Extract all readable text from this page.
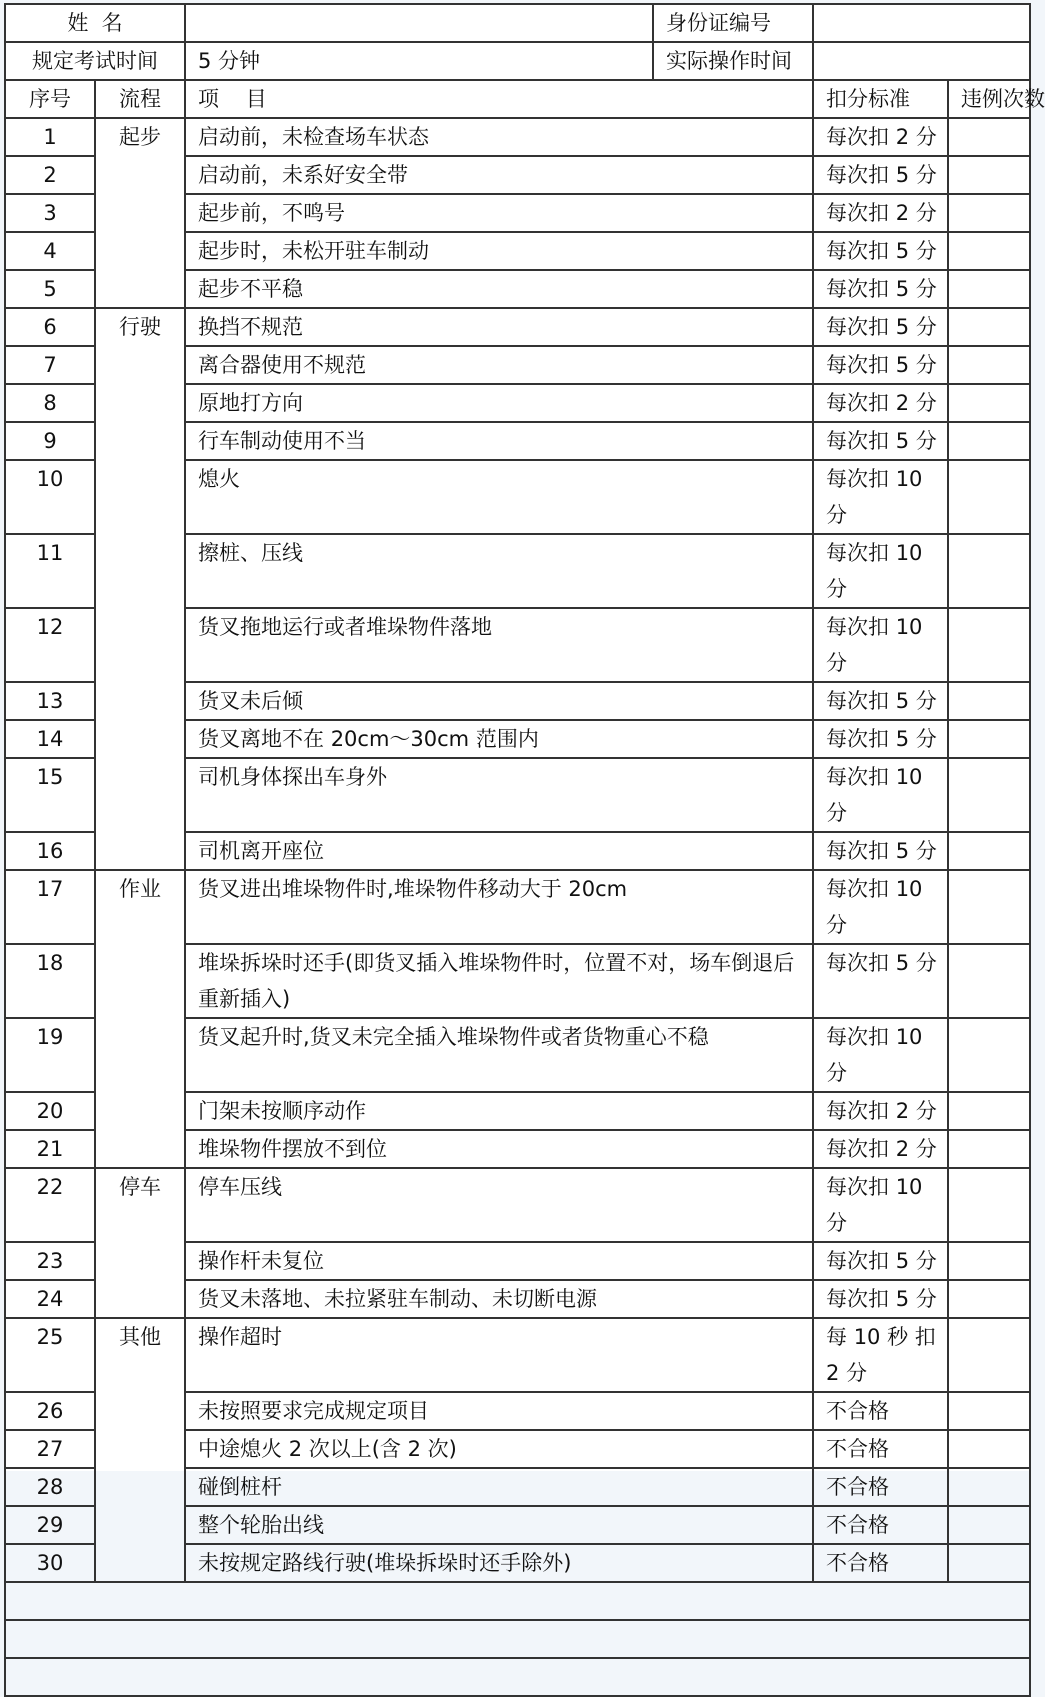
姓  名			身份证编号			
规定考试时间		5 分钟	实际操作时间			
序号	流程	项    目		扣分标准	违例次数	
1	起步	启动前，未检查场车状态		每次扣 2 分		
2		启动前，未系好安全带		每次扣 5 分		
3		起步前，不鸣号		每次扣 2 分		
4		起步时，未松开驻车制动		每次扣 5 分		
5		起步不平稳		每次扣 5 分		
6	行驶	换挡不规范		每次扣 5 分		
7		离合器使用不规范		每次扣 5 分		
8		原地打方向		每次扣 2 分		
9		行车制动使用不当		每次扣 5 分		
10		熄火		每次扣 10 分		
11		擦桩、压线		每次扣 10 分		
12		货叉拖地运行或者堆垛物件落地		每次扣 10 分		
13		货叉未后倾		每次扣 5 分		
14		货叉离地不在 20cm～30cm 范围内		每次扣 5 分		
15		司机身体探出车身外		每次扣 10 分		
16		司机离开座位		每次扣 5 分		
17	作业	货叉进出堆垛物件时,堆垛物件移动大于 20cm		每次扣 10 分		
18		堆垛拆垛时还手(即货叉插入堆垛物件时，位置不对，场车倒退后重新插入)		每次扣 5 分		
19		货叉起升时,货叉未完全插入堆垛物件或者货物重心不稳		每次扣 10 分		
20		门架未按顺序动作		每次扣 2 分		
21		堆垛物件摆放不到位		每次扣 2 分		
22	停车	停车压线		每次扣 10 分		
23		操作杆未复位		每次扣 5 分		
24		货叉未落地、未拉紧驻车制动、未切断电源		每次扣 5 分		
25	其他	操作超时		每 10 秒 扣 2 分		
26		未按照要求完成规定项目		不合格		
27		中途熄火 2 次以上(含 2 次)		不合格		
28		碰倒桩杆		不合格		
29		整个轮胎出线		不合格		
30		未按规定路线行驶(堆垛拆垛时还手除外)		不合格		
